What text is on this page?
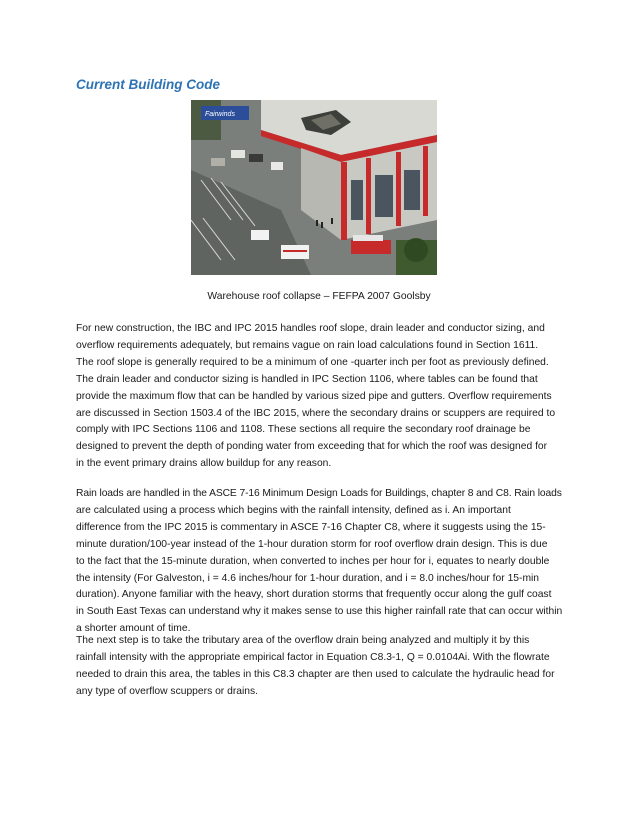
Current Building Code
Fairwinds
Warehouse roof collapse – FEFPA 2007 Goolsby
For new construction, the IBC and IPC 2015 handles roof slope, drain leader and conductor sizing, and
overflow requirements adequately, but remains vague on rain load calculations found in Section 1611.
The roof slope is generally required to be a minimum of one -quarter inch per foot as previously defined.
The drain leader and conductor sizing is handled in IPC Section 1106, where tables can be found that
provide the maximum flow that can be handled by various sized pipe and gutters. Overflow requirements
are discussed in Section 1503.4 of the IBC 2015, where the secondary drains or scuppers are required to
comply with IPC Sections 1106 and 1108. These sections all require the secondary roof drainage be
designed to prevent the depth of ponding water from exceeding that for which the roof was designed for
in the event primary drains allow buildup for any reason.
Rain loads are handled in the ASCE 7-16 Minimum Design Loads for Buildings, chapter 8 and C8. Rain loads
are calculated using a process which begins with the rainfall intensity, defined as i. An important
difference from the IPC 2015 is commentary in ASCE 7-16 Chapter C8, where it suggests using the 15-
minute duration/100-year instead of the 1-hour duration storm for roof overflow drain design. This is due
to the fact that the 15-minute duration, when converted to inches per hour for i, equates to nearly double
the intensity (For Galveston, i = 4.6 inches/hour for 1-hour duration, and i = 8.0 inches/hour for 15-min
duration). Anyone familiar with the heavy, short duration storms that frequently occur along the gulf coast
in South East Texas can understand why it makes sense to use this higher rainfall rate that can occur within
a shorter amount of time.
The next step is to take the tributary area of the overflow drain being analyzed and multiply it by this
rainfall intensity with the appropriate empirical factor in Equation C8.3-1, Q = 0.0104Ai. With the flowrate
needed to drain this area, the tables in this C8.3 chapter are then used to calculate the hydraulic head for
any type of overflow scuppers or drains.
